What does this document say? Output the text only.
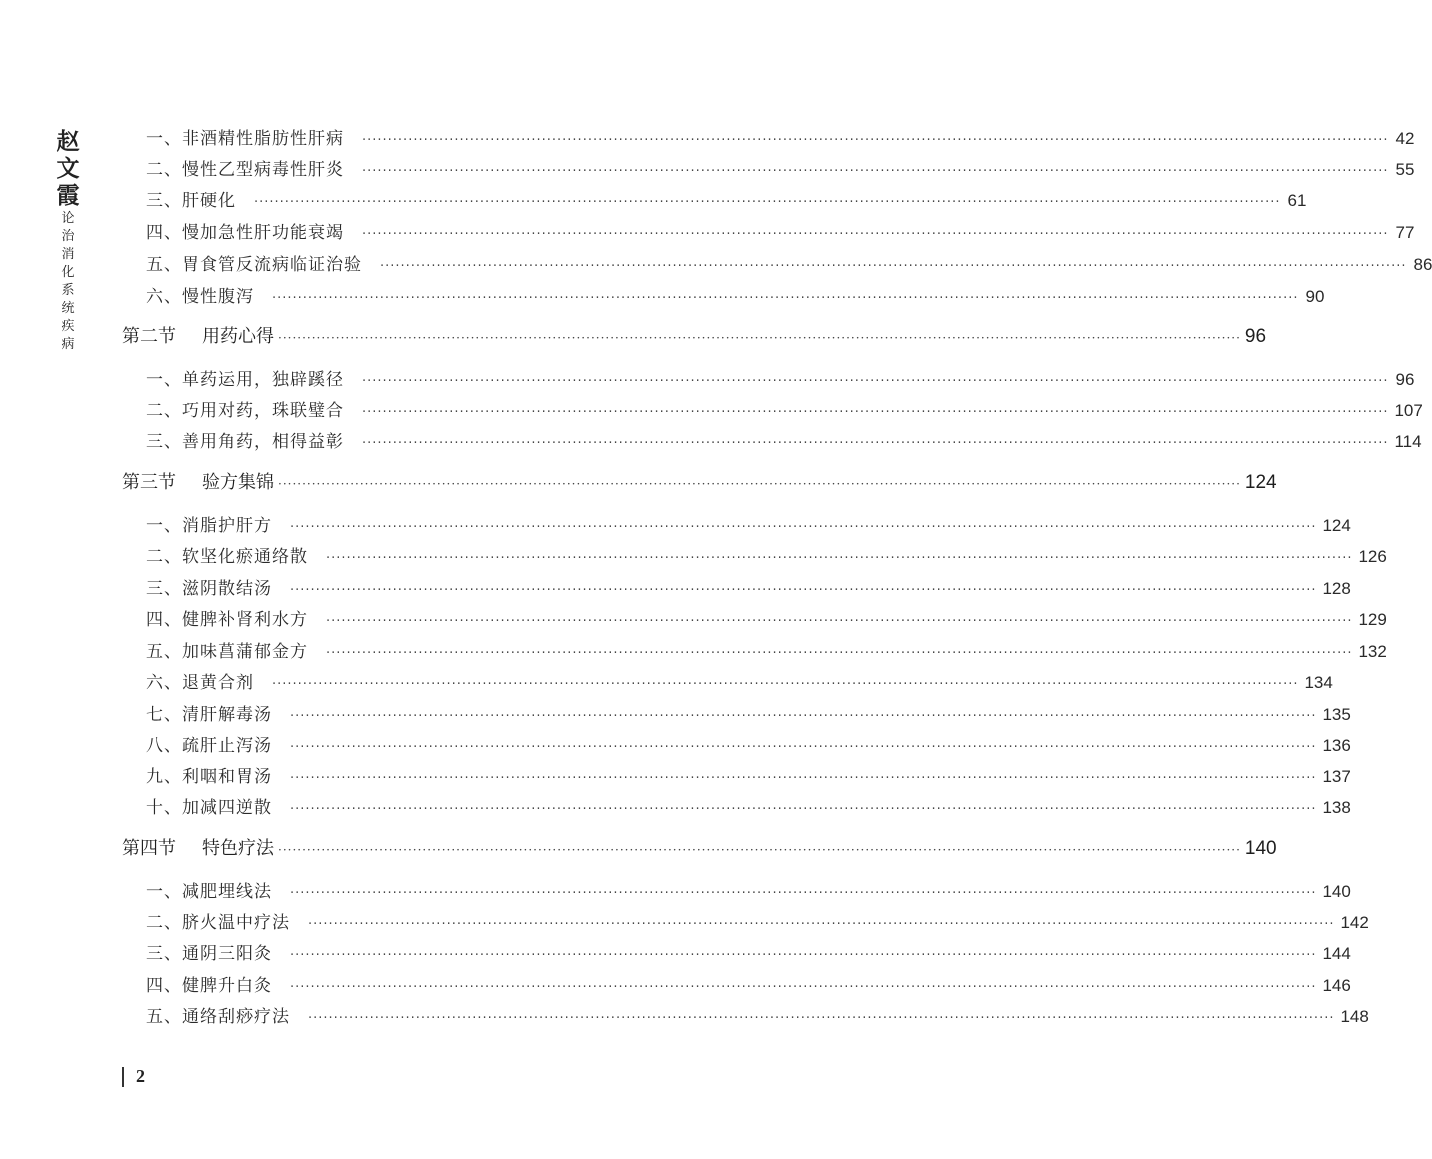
赵
文
霞
论
治
消
化
系
统
疾
病
一、非酒精性脂肪性肝病 ········································································································································································································ 42
二、慢性乙型病毒性肝炎 ········································································································································································································ 55
三、肝硬化 ········································································································································································································ 61
四、慢加急性肝功能衰竭 ········································································································································································································ 77
五、胃食管反流病临证治验 ········································································································································································································ 86
六、慢性腹泻 ········································································································································································································ 90
第二节 用药心得 ········································································································································································································ 96
一、单药运用，独辟蹊径 ········································································································································································································ 96
二、巧用对药，珠联璧合 ········································································································································································································ 107
三、善用角药，相得益彰 ········································································································································································································ 114
第三节 验方集锦 ········································································································································································································ 124
一、消脂护肝方 ········································································································································································································ 124
二、软坚化瘀通络散 ········································································································································································································ 126
三、滋阴散结汤 ········································································································································································································ 128
四、健脾补肾利水方 ········································································································································································································ 129
五、加味菖蒲郁金方 ········································································································································································································ 132
六、退黄合剂 ········································································································································································································ 134
七、清肝解毒汤 ········································································································································································································ 135
八、疏肝止泻汤 ········································································································································································································ 136
九、利咽和胃汤 ········································································································································································································ 137
十、加减四逆散 ········································································································································································································ 138
第四节 特色疗法 ········································································································································································································ 140
一、减肥埋线法 ········································································································································································································ 140
二、脐火温中疗法 ········································································································································································································ 142
三、通阴三阳灸 ········································································································································································································ 144
四、健脾升白灸 ········································································································································································································ 146
五、通络刮痧疗法 ········································································································································································································ 148
2
